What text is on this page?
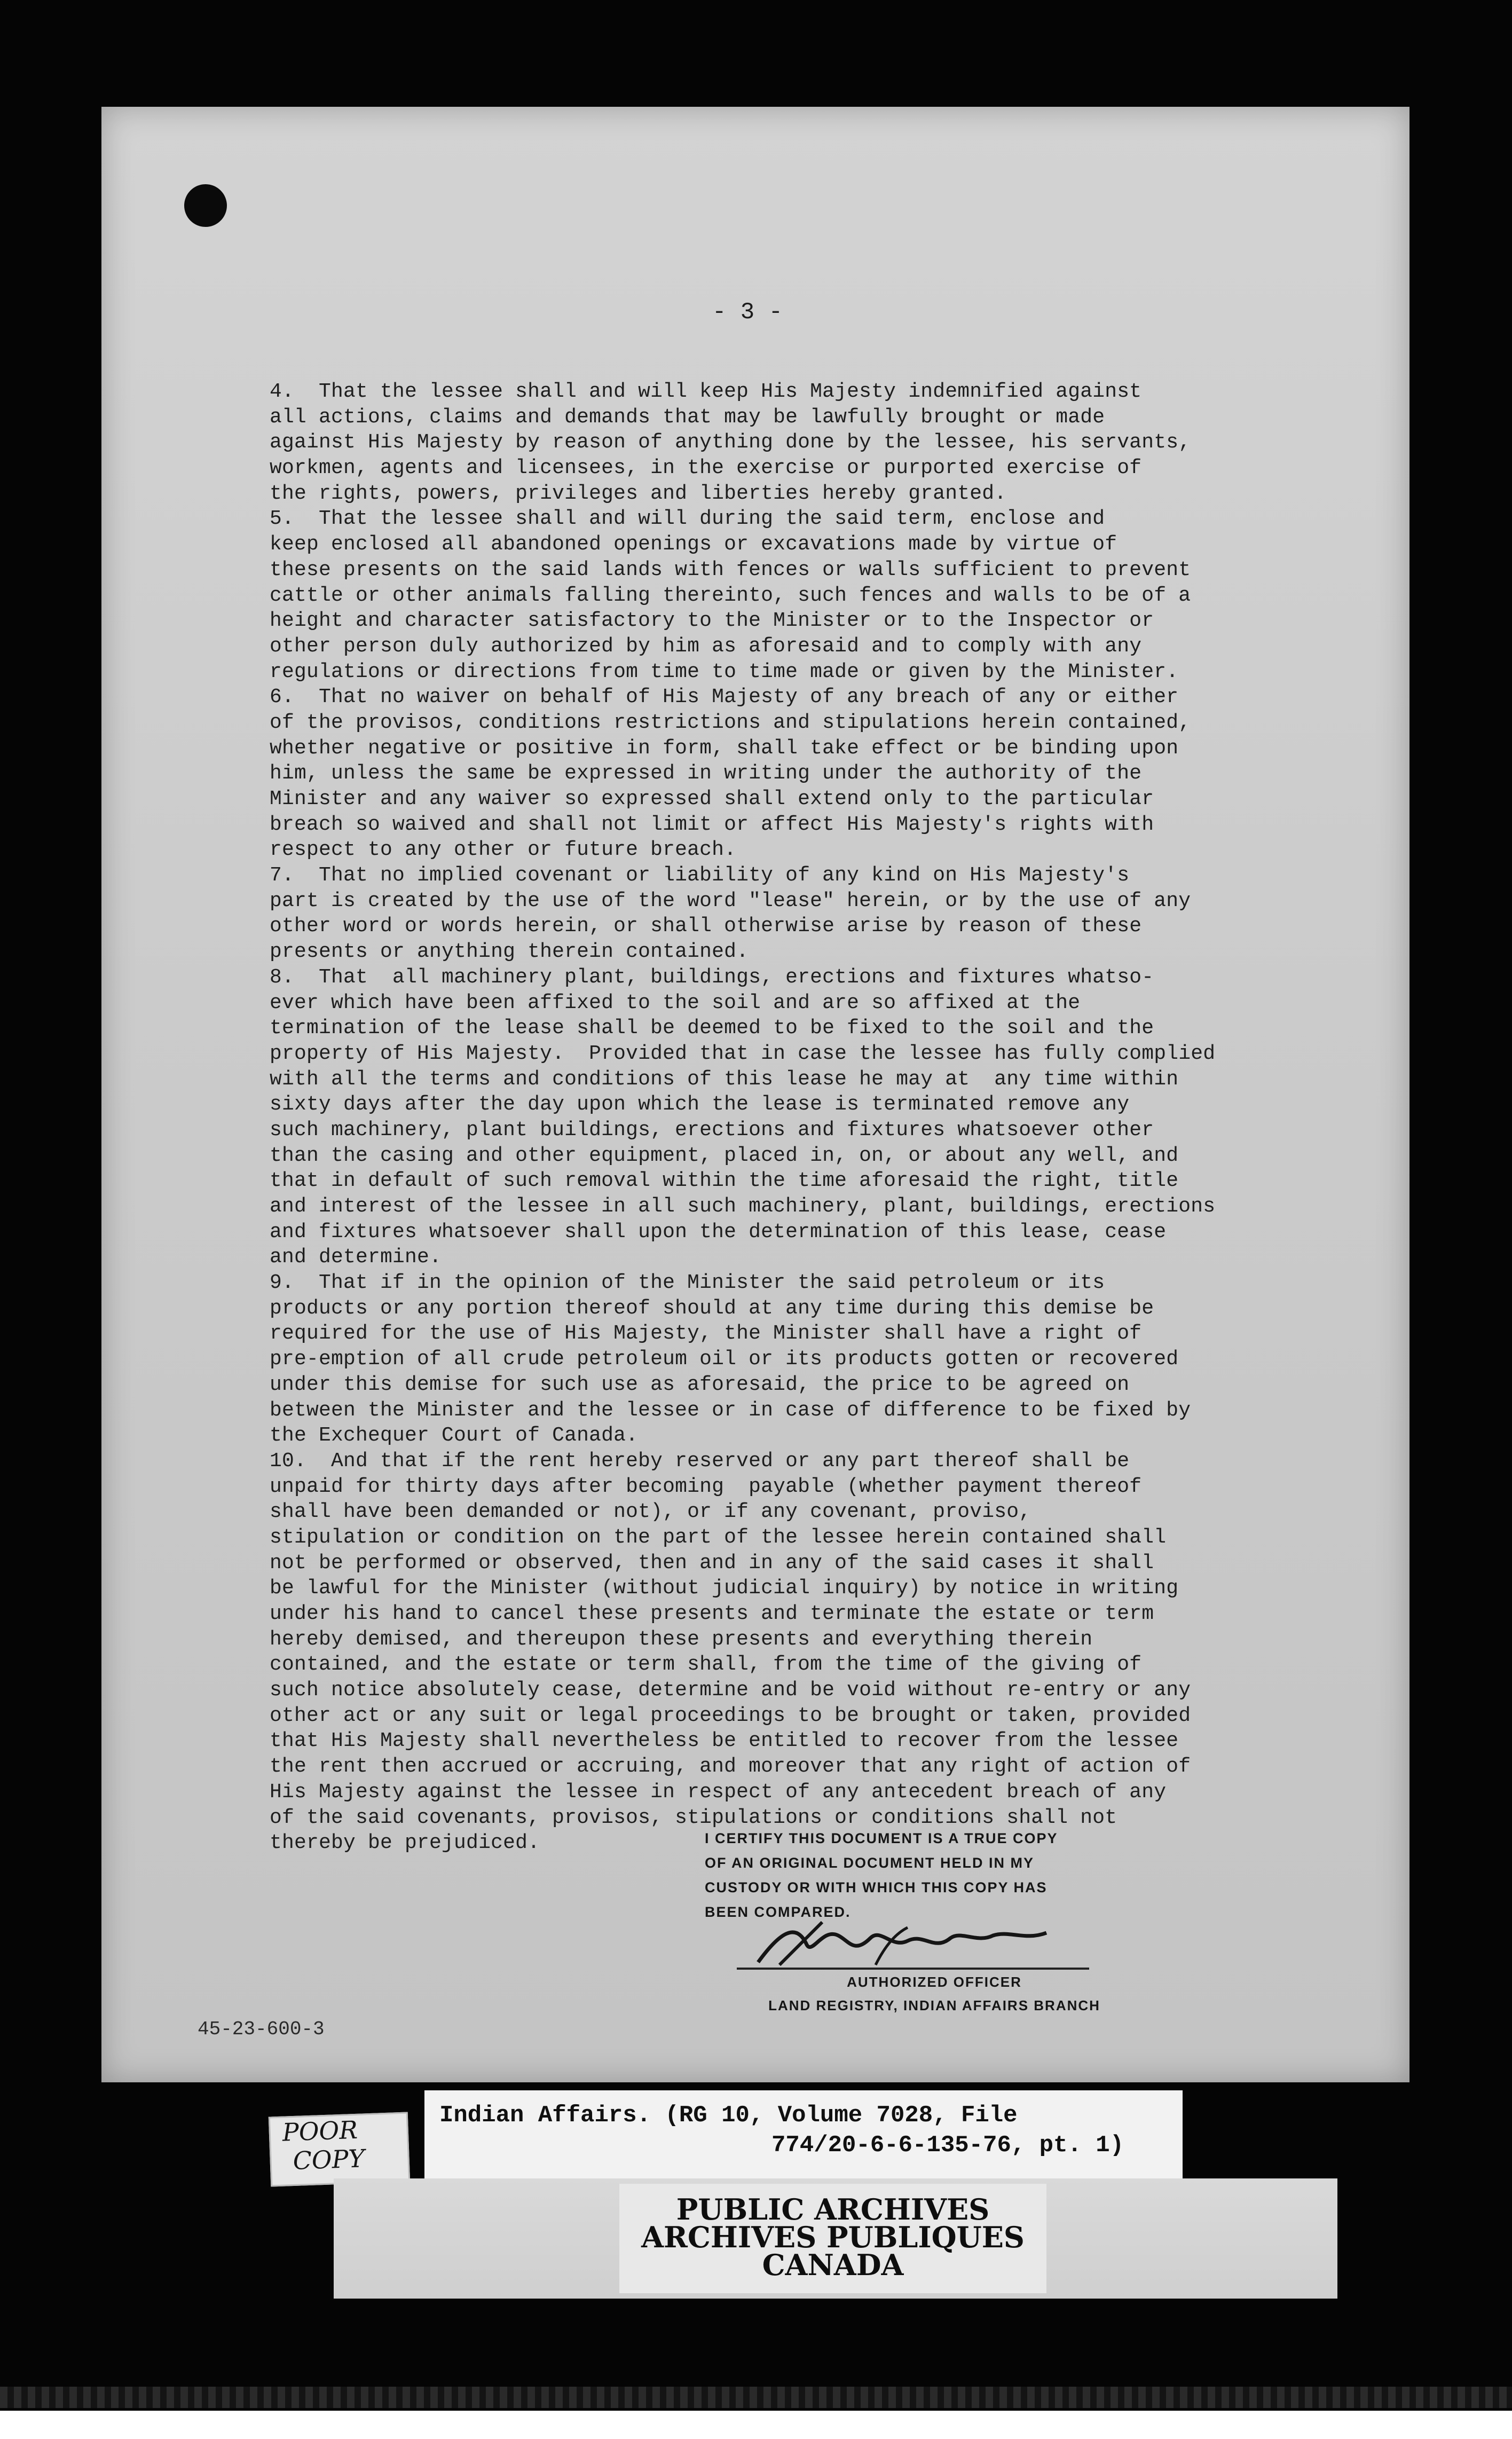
- 3 -
4.  That the lessee shall and will keep His Majesty indemnified against
all actions, claims and demands that may be lawfully brought or made
against His Majesty by reason of anything done by the lessee, his servants,
workmen, agents and licensees, in the exercise or purported exercise of
the rights, powers, privileges and liberties hereby granted.
5.  That the lessee shall and will during the said term, enclose and
keep enclosed all abandoned openings or excavations made by virtue of
these presents on the said lands with fences or walls sufficient to prevent
cattle or other animals falling thereinto, such fences and walls to be of a
height and character satisfactory to the Minister or to the Inspector or
other person duly authorized by him as aforesaid and to comply with any
regulations or directions from time to time made or given by the Minister.
6.  That no waiver on behalf of His Majesty of any breach of any or either
of the provisos, conditions restrictions and stipulations herein contained,
whether negative or positive in form, shall take effect or be binding upon
him, unless the same be expressed in writing under the authority of the
Minister and any waiver so expressed shall extend only to the particular
breach so waived and shall not limit or affect His Majesty's rights with
respect to any other or future breach.
7.  That no implied covenant or liability of any kind on His Majesty's
part is created by the use of the word "lease" herein, or by the use of any
other word or words herein, or shall otherwise arise by reason of these
presents or anything therein contained.
8.  That  all machinery plant, buildings, erections and fixtures whatso-
ever which have been affixed to the soil and are so affixed at the
termination of the lease shall be deemed to be fixed to the soil and the
property of His Majesty.  Provided that in case the lessee has fully complied
with all the terms and conditions of this lease he may at  any time within
sixty days after the day upon which the lease is terminated remove any
such machinery, plant buildings, erections and fixtures whatsoever other
than the casing and other equipment, placed in, on, or about any well, and
that in default of such removal within the time aforesaid the right, title
and interest of the lessee in all such machinery, plant, buildings, erections
and fixtures whatsoever shall upon the determination of this lease, cease
and determine.
9.  That if in the opinion of the Minister the said petroleum or its
products or any portion thereof should at any time during this demise be
required for the use of His Majesty, the Minister shall have a right of
pre-emption of all crude petroleum oil or its products gotten or recovered
under this demise for such use as aforesaid, the price to be agreed on
between the Minister and the lessee or in case of difference to be fixed by
the Exchequer Court of Canada.
10.  And that if the rent hereby reserved or any part thereof shall be
unpaid for thirty days after becoming  payable (whether payment thereof
shall have been demanded or not), or if any covenant, proviso,
stipulation or condition on the part of the lessee herein contained shall
not be performed or observed, then and in any of the said cases it shall
be lawful for the Minister (without judicial inquiry) by notice in writing
under his hand to cancel these presents and terminate the estate or term
hereby demised, and thereupon these presents and everything therein
contained, and the estate or term shall, from the time of the giving of
such notice absolutely cease, determine and be void without re-entry or any
other act or any suit or legal proceedings to be brought or taken, provided
that His Majesty shall nevertheless be entitled to recover from the lessee
the rent then accrued or accruing, and moreover that any right of action of
His Majesty against the lessee in respect of any antecedent breach of any
of the said covenants, provisos, stipulations or conditions shall not
thereby be prejudiced.	I CERTIFY THIS DOCUMENT IS A TRUE COPY
OF AN ORIGINAL DOCUMENT HELD IN MY
CUSTODY OR WITH WHICH THIS COPY HAS
BEEN COMPARED.
AUTHORIZED OFFICER
LAND REGISTRY, INDIAN AFFAIRS BRANCH
45-23-600-3
POOR
COPY
Indian Affairs. (RG 10, Volume 7028, File
774/20-6-6-135-76, pt. 1)
PUBLIC ARCHIVES
ARCHIVES PUBLIQUES
CANADA
